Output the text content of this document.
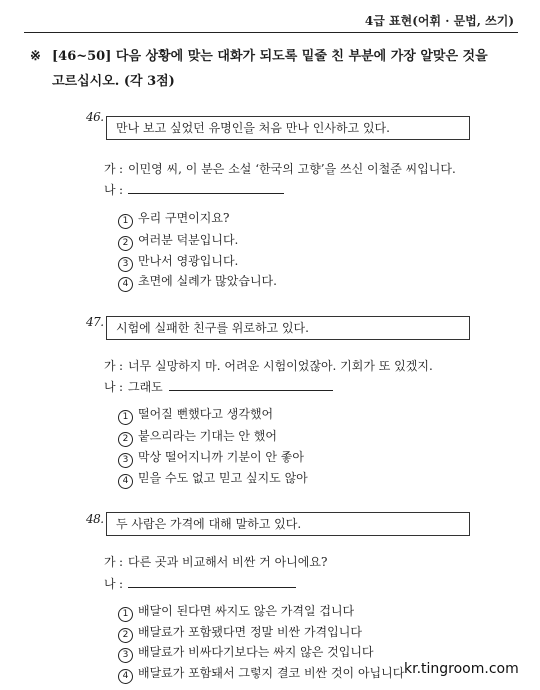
4급 표현(어휘 · 문법, 쓰기)
※ [46~50] 다음 상황에 맞는 대화가 되도록 밑줄 친 부분에 가장 알맞은 것을
고르십시오. (각 3점)
46.
만나 보고 싶었던 유명인을 처음 만나 인사하고 있다.
가 : 이민영 씨, 이 분은 소설 ‘한국의 고향’을 쓰신 이철준 씨입니다.
나 :
1 우리 구면이지요?
2 여러분 덕분입니다.
3 만나서 영광입니다.
4 초면에 실례가 많았습니다.
47.	시험에 실패한 친구를 위로하고 있다.
가 : 너무 실망하지 마. 어려운 시험이었잖아. 기회가 또 있겠지.
나 : 그래도
1 떨어질 뻔했다고 생각했어
2 붙으리라는 기대는 안 했어
3 막상 떨어지니까 기분이 안 좋아
4 믿을 수도 없고 믿고 싶지도 않아
48.	두 사람은 가격에 대해 말하고 있다.
가 : 다른 곳과 비교해서 비싼 거 아니에요?
나 :
1 배달이 된다면 싸지도 않은 가격일 겁니다
2 배달료가 포함됐다면 정말 비싼 가격입니다
3 배달료가 비싸다기보다는 싸지 않은 것입니다
4 배달료가 포함돼서 그렇지 결코 비싼 것이 아닙니다 kr.tingroom.com
